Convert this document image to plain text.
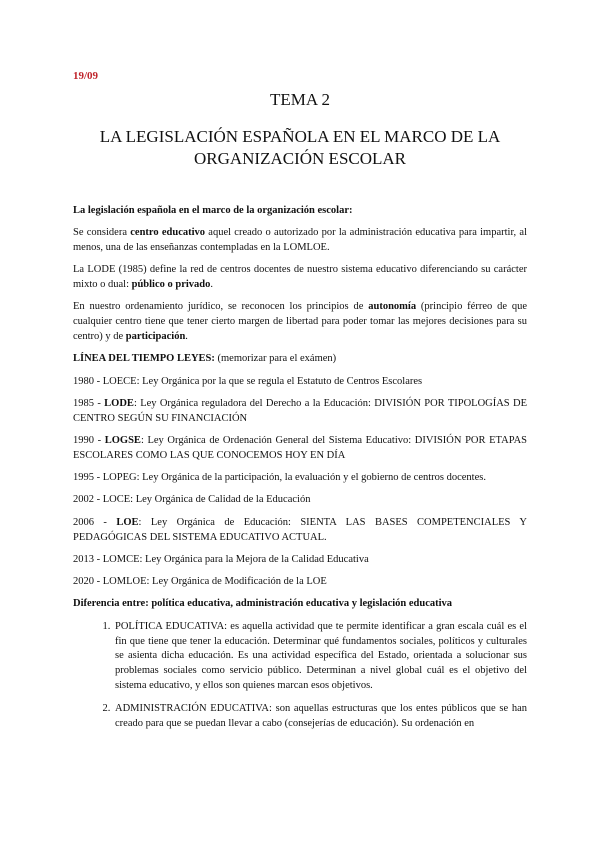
19/09
TEMA 2
LA LEGISLACIÓN ESPAÑOLA EN EL MARCO DE LA ORGANIZACIÓN ESCOLAR

La legislación española en el marco de la organización escolar:

Se considera centro educativo aquel creado o autorizado por la administración educativa para impartir, al menos, una de las enseñanzas contempladas en la LOMLOE.

La LODE (1985) define la red de centros docentes de nuestro sistema educativo diferenciando su carácter mixto o dual: público o privado.

En nuestro ordenamiento jurídico, se reconocen los principios de autonomía (principio férreo de que cualquier centro tiene que tener cierto margen de libertad para poder tomar las mejores decisiones para su centro) y de participación.

LÍNEA DEL TIEMPO LEYES: (memorizar para el exámen)

1980 - LOECE: Ley Orgánica por la que se regula el Estatuto de Centros Escolares

1985 - LODE: Ley Orgánica reguladora del Derecho a la Educación: DIVISIÓN POR TIPOLOGÍAS DE CENTRO SEGÚN SU FINANCIACIÓN

1990 - LOGSE: Ley Orgánica de Ordenación General del Sistema Educativo: DIVISIÓN POR ETAPAS ESCOLARES COMO LAS QUE CONOCEMOS HOY EN DÍA

1995 - LOPEG: Ley Orgánica de la participación, la evaluación y el gobierno de centros docentes.

2002 - LOCE: Ley Orgánica de Calidad de la Educación

2006 - LOE: Ley Orgánica de Educación: SIENTA LAS BASES COMPETENCIALES Y PEDAGÓGICAS DEL SISTEMA EDUCATIVO ACTUAL.

2013 - LOMCE: Ley Orgánica para la Mejora de la Calidad Educativa

2020 - LOMLOE: Ley Orgánica de Modificación de la LOE

Diferencia entre: política educativa, administración educativa y legislación educativa

1. POLÍTICA EDUCATIVA: es aquella actividad que te permite identificar a gran escala cuál es el fin que tiene que tener la educación. Determinar qué fundamentos sociales, políticos y culturales se asienta dicha educación. Es una actividad específica del Estado, orientada a solucionar sus problemas sociales como servicio público. Determinan a nivel global cuál es el objetivo del sistema educativo, y ellos son quienes marcan esos objetivos.
2. ADMINISTRACIÓN EDUCATIVA: son aquellas estructuras que los entes públicos que se han creado para que se puedan llevar a cabo (consejerías de educación). Su ordenación en
